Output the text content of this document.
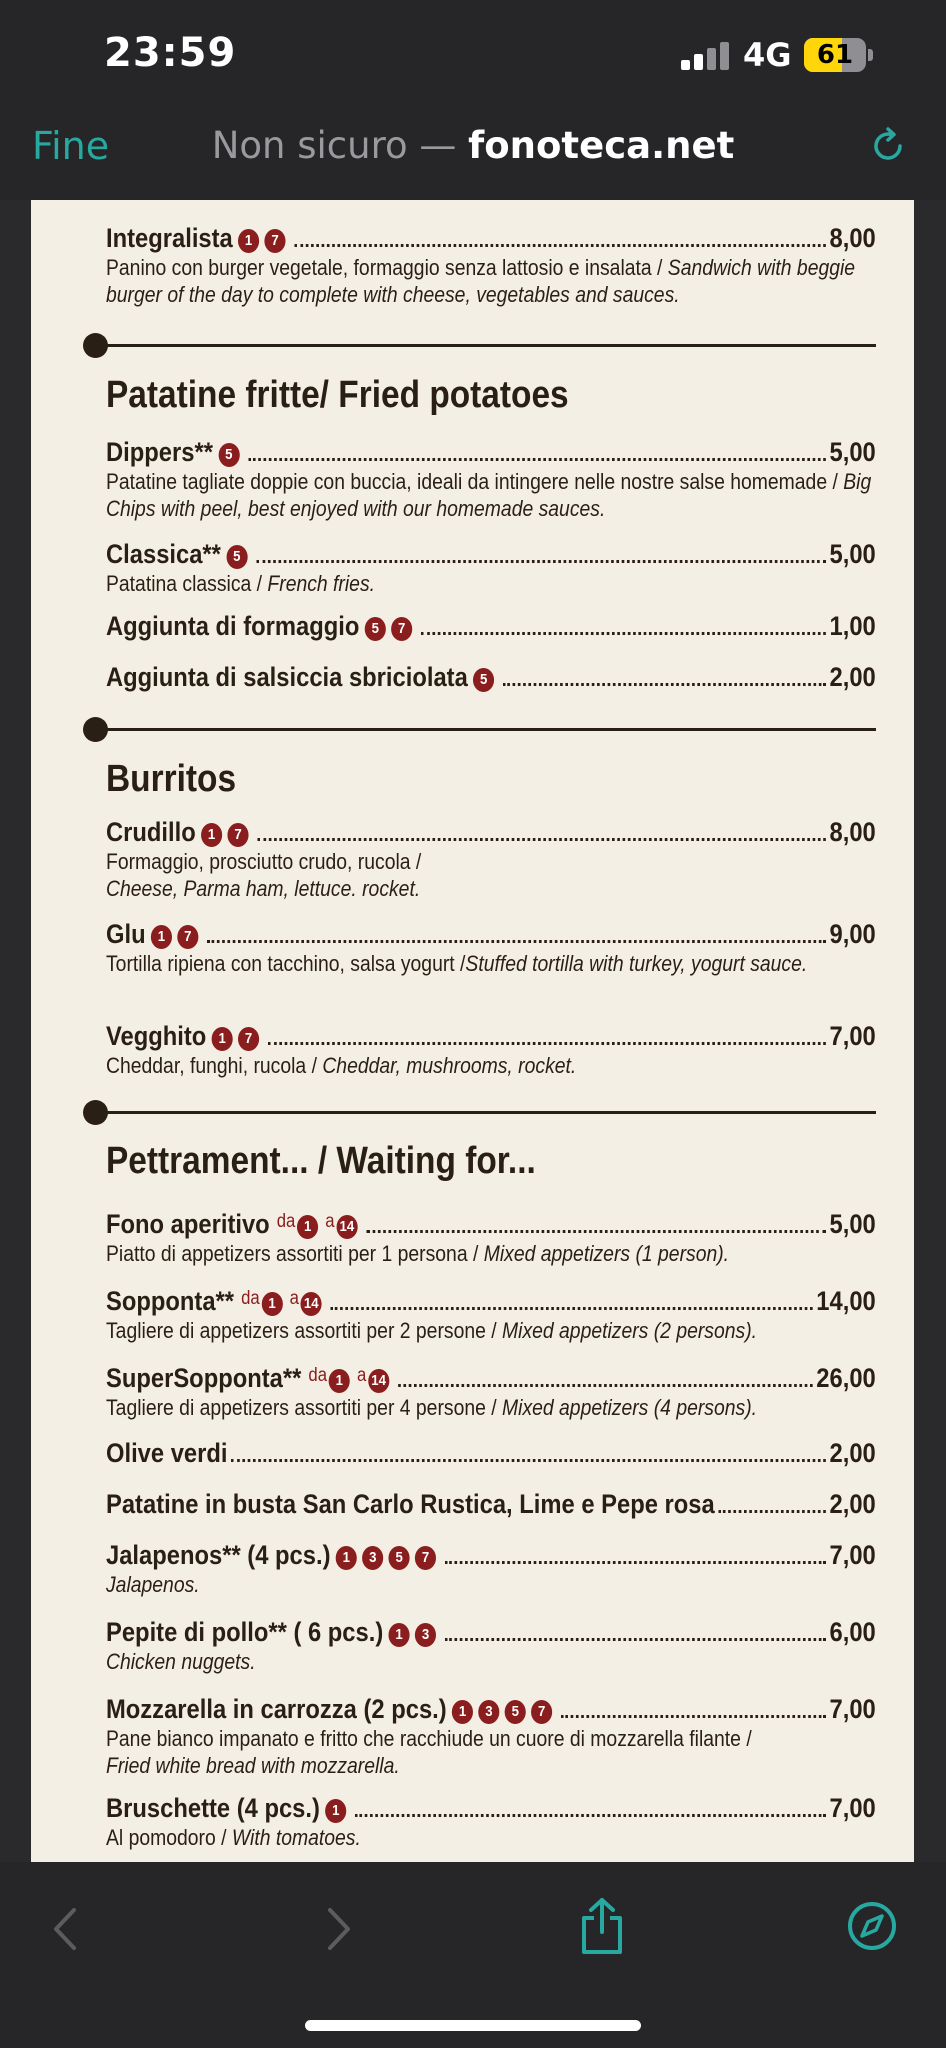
23:59	4G 61
Fine	Non sicuro — fonoteca.net
Integralista 1 7	8,00
Panino con burger vegetale, formaggio senza lattosio e insalata / Sandwich with beggie burger of the day to complete with cheese, vegetables and sauces.
Patatine fritte/ Fried potatoes
Dippers** 5	5,00
Patatine tagliate doppie con buccia, ideali da intingere nelle nostre salse homemade / Big Chips with peel, best enjoyed with our homemade sauces.
Classica** 5	5,00
Patatina classica / French fries.
Aggiunta di formaggio 5 7	1,00
Aggiunta di salsiccia sbriciolata 5	2,00
Burritos
Crudillo 1 7	8,00
Formaggio, prosciutto crudo, rucola /
Cheese, Parma ham, lettuce. rocket.
Glu 1 7	9,00
Tortilla ripiena con tacchino, salsa yogurt /Stuffed tortilla with turkey, yogurt sauce.
Vegghito 1 7	7,00
Cheddar, funghi, rucola / Cheddar, mushrooms, rocket.
Pettrament... / Waiting for...
Fono aperitivo $^{da}$ 1 $^a$ 14	5,00
Piatto di appetizers assortiti per 1 persona / Mixed appetizers (1 person).
Sopponta** $^{da}$ 1 $^a$ 14	14,00
Tagliere di appetizers assortiti per 2 persone / Mixed appetizers (2 persons).
SuperSopponta** $^{da}$ 1 $^a$ 14	26,00
Tagliere di appetizers assortiti per 4 persone / Mixed appetizers (4 persons).
Olive verdi	2,00
Patatine in busta San Carlo Rustica, Lime e Pepe rosa	2,00
Jalapenos** (4 pcs.) 1 3 5 7	7,00
Jalapenos.
Pepite di pollo** ( 6 pcs.) 1 3	6,00
Chicken nuggets.
Mozzarella in carrozza (2 pcs.) 1 3 5 7	7,00
Pane bianco impanato e fritto che racchiude un cuore di mozzarella filante /
Fried white bread with mozzarella.
Bruschette (4 pcs.) 1	7,00
Al pomodoro / With tomatoes.
